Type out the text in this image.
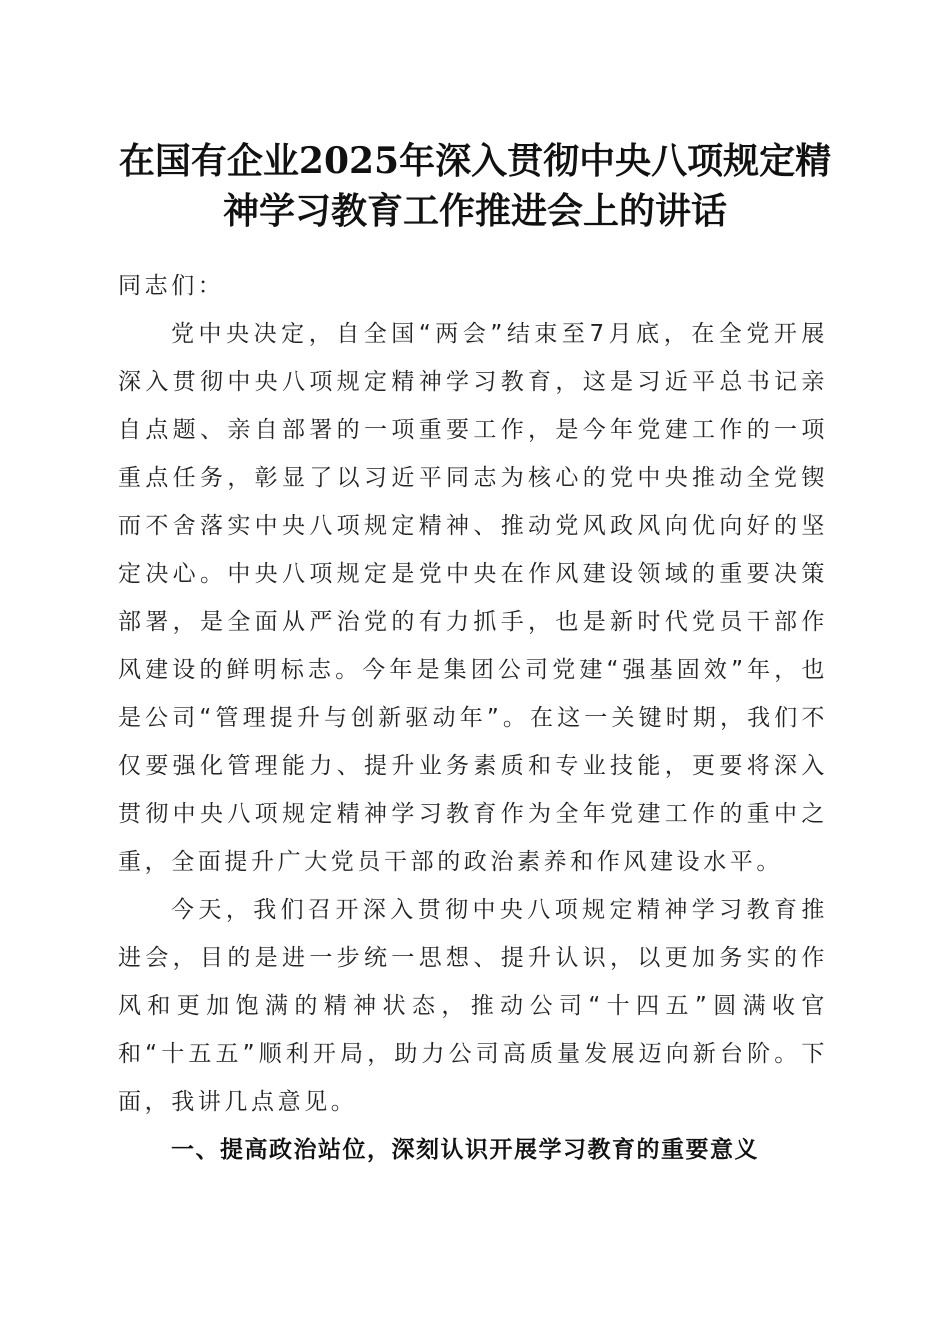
在国有企业2025年深入贯彻中央八项规定精神学习教育工作推进会上的讲话

同志们：

党中央决定，自全国“两会”结束至7月底，在全党开展深入贯彻中央八项规定精神学习教育，这是习近平总书记亲自点题、亲自部署的一项重要工作，是今年党建工作的一项重点任务，彰显了以习近平同志为核心的党中央推动全党锲而不舍落实中央八项规定精神、推动党风政风向优向好的坚定决心。中央八项规定是党中央在作风建设领域的重要决策部署，是全面从严治党的有力抓手，也是新时代党员干部作风建设的鲜明标志。今年是集团公司党建“强基固效”年，也是公司“管理提升与创新驱动年”。在这一关键时期，我们不仅要强化管理能力、提升业务素质和专业技能，更要将深入贯彻中央八项规定精神学习教育作为全年党建工作的重中之重，全面提升广大党员干部的政治素养和作风建设水平。

今天，我们召开深入贯彻中央八项规定精神学习教育推进会，目的是进一步统一思想、提升认识，以更加务实的作风和更加饱满的精神状态，推动公司“十四五”圆满收官和“十五五”顺利开局，助力公司高质量发展迈向新台阶。下面，我讲几点意见。

一、提高政治站位，深刻认识开展学习教育的重要意义
